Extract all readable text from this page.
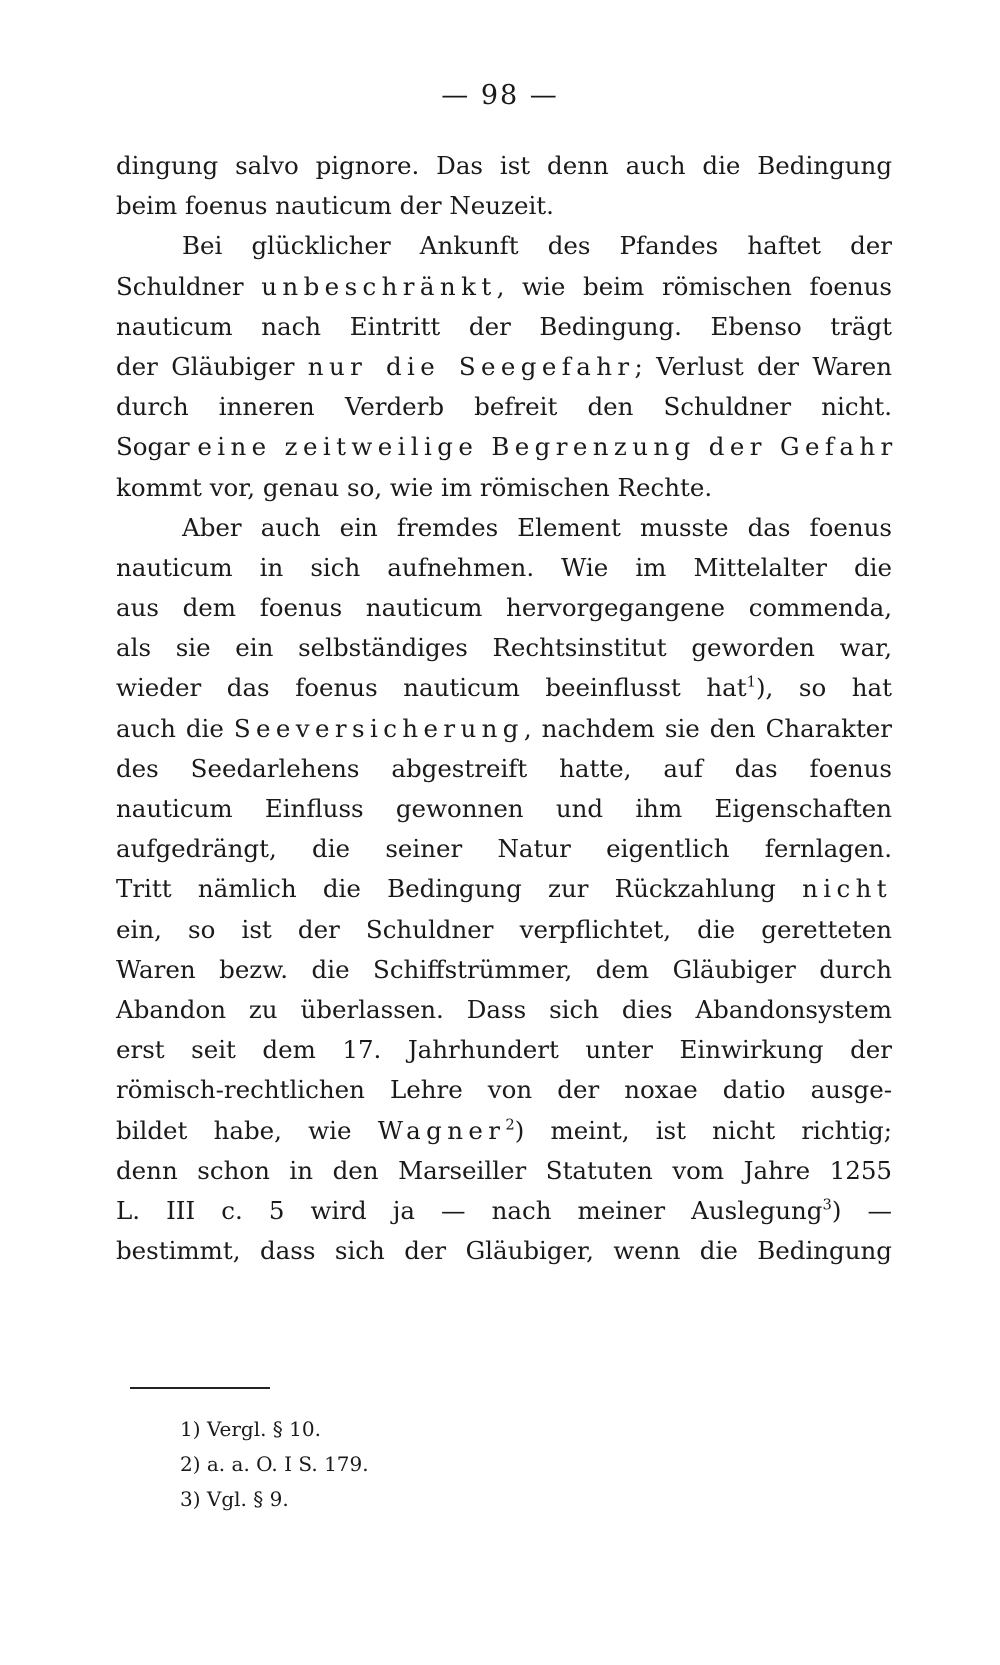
— 98 —
dingung salvo pignore. Das ist denn auch die Bedingung
beim foenus nauticum der Neuzeit.
Bei glücklicher Ankunft des Pfandes haftet der
Schuldner unbeschränkt, wie beim römischen foenus
nauticum nach Eintritt der Bedingung. Ebenso trägt
der Gläubiger nur die Seegefahr; Verlust der Waren
durch inneren Verderb befreit den Schuldner nicht.
Sogar eine zeitweilige Begrenzung der Gefahr
kommt vor, genau so, wie im römischen Rechte.
Aber auch ein fremdes Element musste das foenus
nauticum in sich aufnehmen. Wie im Mittelalter die
aus dem foenus nauticum hervorgegangene commenda,
als sie ein selbständiges Rechtsinstitut geworden war,
wieder das foenus nauticum beeinflusst hat$^1$), so hat
auch die Seeversicherung, nachdem sie den Charakter
des Seedarlehens abgestreift hatte, auf das foenus
nauticum Einfluss gewonnen und ihm Eigenschaften
aufgedrängt, die seiner Natur eigentlich fernlagen.
Tritt nämlich die Bedingung zur Rückzahlung nicht
ein, so ist der Schuldner verpflichtet, die geretteten
Waren bezw. die Schiffstrümmer, dem Gläubiger durch
Abandon zu überlassen. Dass sich dies Abandonsystem
erst seit dem 17. Jahrhundert unter Einwirkung der
römisch-rechtlichen Lehre von der noxae datio ausge-
bildet habe, wie Wagner$^2$) meint, ist nicht richtig;
denn schon in den Marseiller Statuten vom Jahre 1255
L. III c. 5 wird ja — nach meiner Auslegung$^3$) —
bestimmt, dass sich der Gläubiger, wenn die Bedingung
1) Vergl. § 10.
2) a. a. O. I S. 179.
3) Vgl. § 9.
